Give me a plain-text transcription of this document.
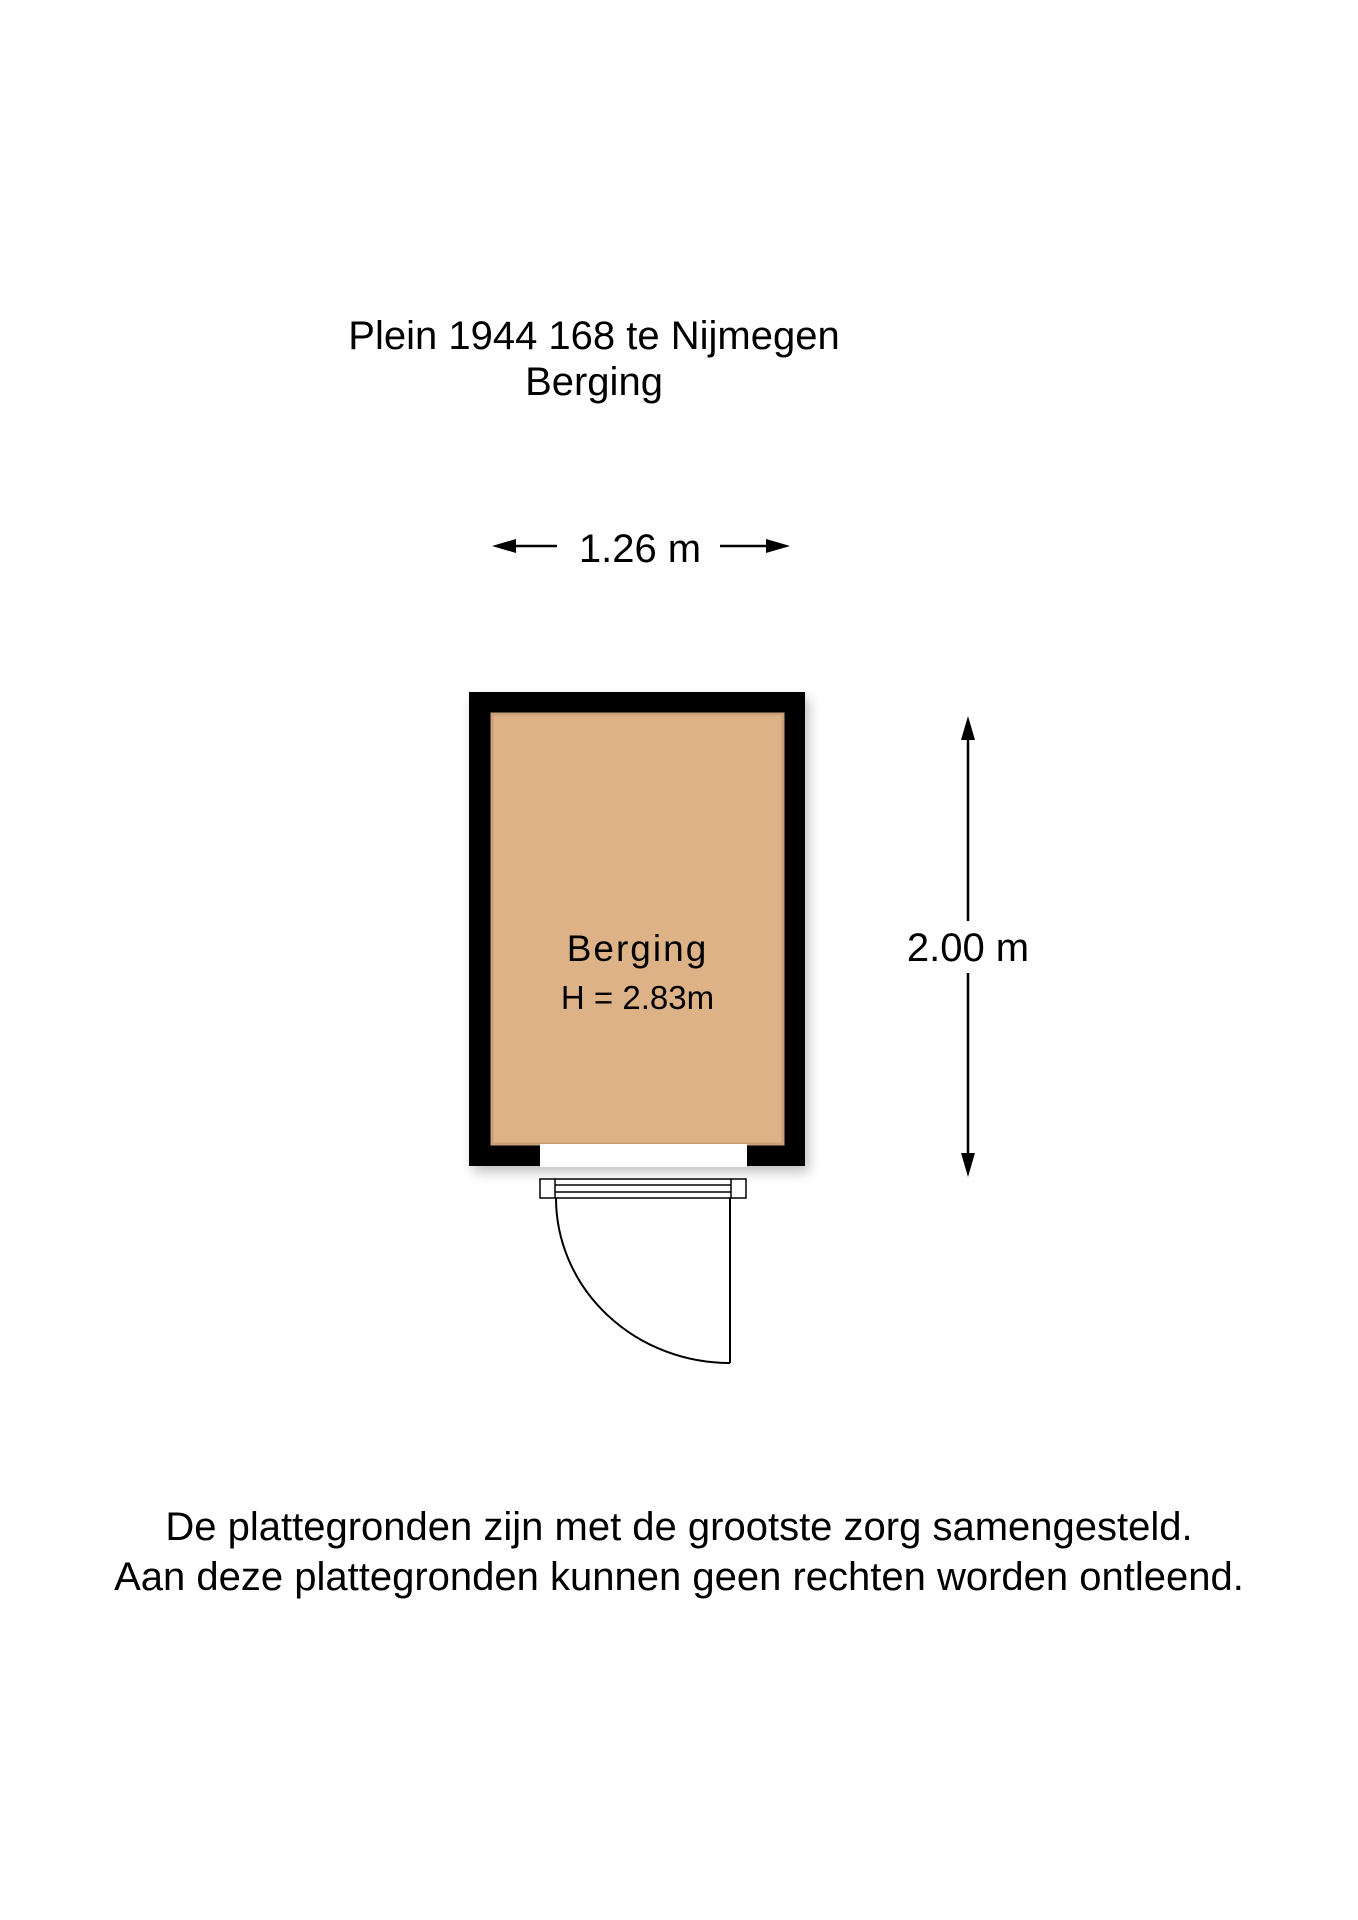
Plein 1944 168 te Nijmegen
Berging
1.26 m
Berging
H = 2.83m
2.00 m
De plattegronden zijn met de grootste zorg samengesteld.
Aan deze plattegronden kunnen geen rechten worden ontleend.
